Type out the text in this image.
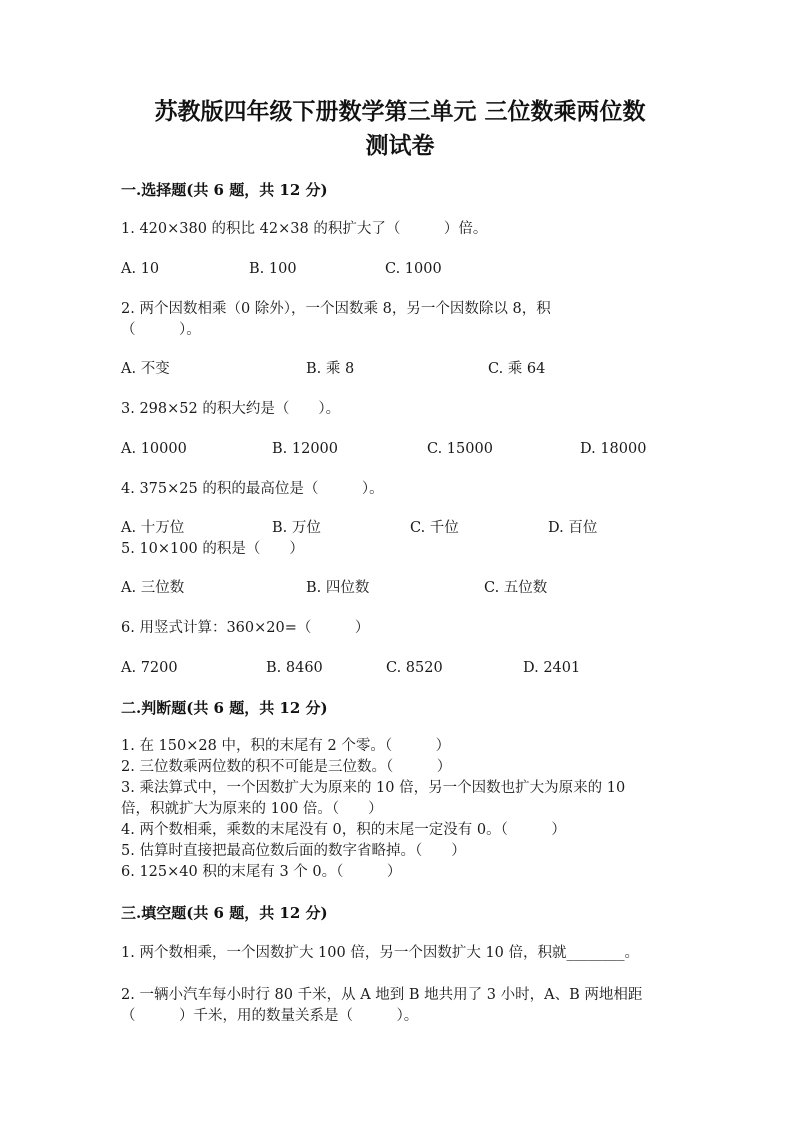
苏教版四年级下册数学第三单元 三位数乘两位数
测试卷
一.选择题(共 6 题，共 12 分)
1. 420×380 的积比 42×38 的积扩大了（　　　）倍。
A. 10	B. 100	C. 1000
2. 两个因数相乘（0 除外），一个因数乘 8，另一个因数除以 8，积
（　　　）。
A. 不变	B. 乘 8	C. 乘 64
3. 298×52 的积大约是（　　）。
A. 10000	B. 12000	C. 15000	D. 18000
4. 375×25 的积的最高位是（　　　）。
A. 十万位	B. 万位	C. 千位	D. 百位
5. 10×100 的积是（　　）
A. 三位数	B. 四位数	C. 五位数
6. 用竖式计算：360×20=（　　　）
A. 7200	B. 8460	C. 8520	D. 2401
二.判断题(共 6 题，共 12 分)
1. 在 150×28 中，积的末尾有 2 个零。（　　　）
2. 三位数乘两位数的积不可能是三位数。（　　　）
3. 乘法算式中，一个因数扩大为原来的 10 倍，另一个因数也扩大为原来的 10
倍，积就扩大为原来的 100 倍。（　　）
4. 两个数相乘，乘数的末尾没有 0，积的末尾一定没有 0。（　　　）
5. 估算时直接把最高位数后面的数字省略掉。（　　）
6. 125×40 积的末尾有 3 个 0。（　　　）
三.填空题(共 6 题，共 12 分)
1. 两个数相乘，一个因数扩大 100 倍，另一个因数扩大 10 倍，积就________。
2. 一辆小汽车每小时行 80 千米，从 A 地到 B 地共用了 3 小时，A、B 两地相距
（　　　）千米，用的数量关系是（　　　）。
